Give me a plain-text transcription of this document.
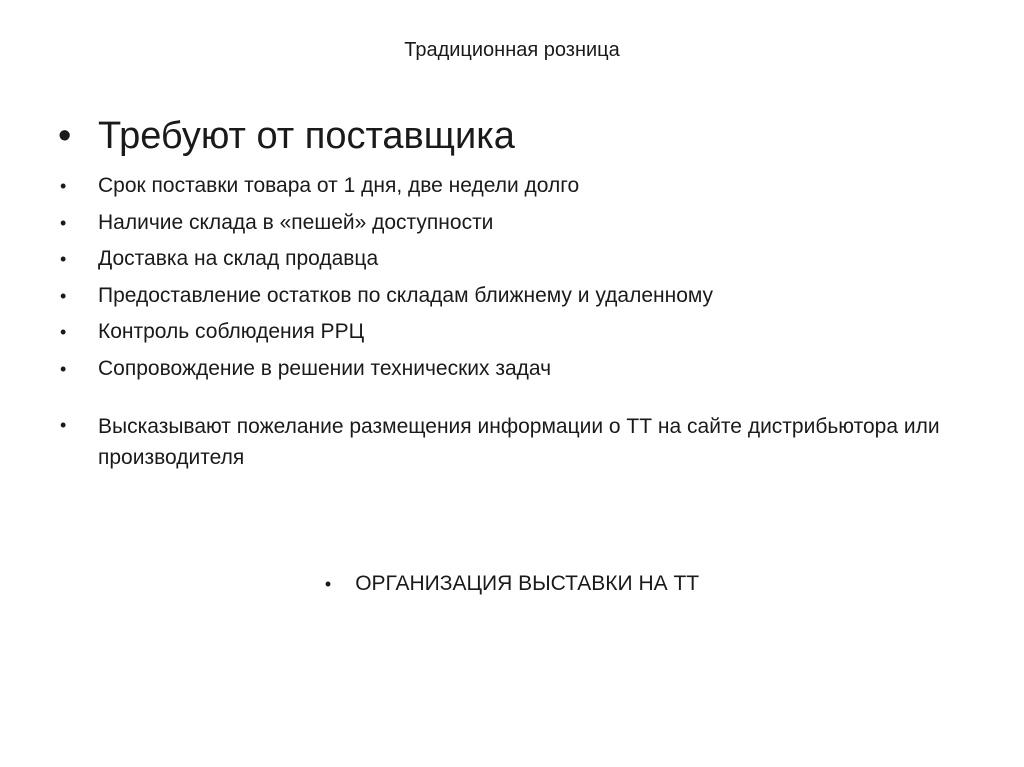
Традиционная розница
• Требуют от поставщика
• Срок поставки товара от 1 дня, две недели долго
• Наличие склада в «пешей» доступности
• Доставка на склад продавца
• Предоставление остатков по складам ближнему и удаленному
• Контроль соблюдения РРЦ
• Сопровождение в решении технических задач
• Высказывают пожелание размещения информации о ТТ на сайте дистрибьютора или производителя
• ОРГАНИЗАЦИЯ ВЫСТАВКИ НА ТТ
